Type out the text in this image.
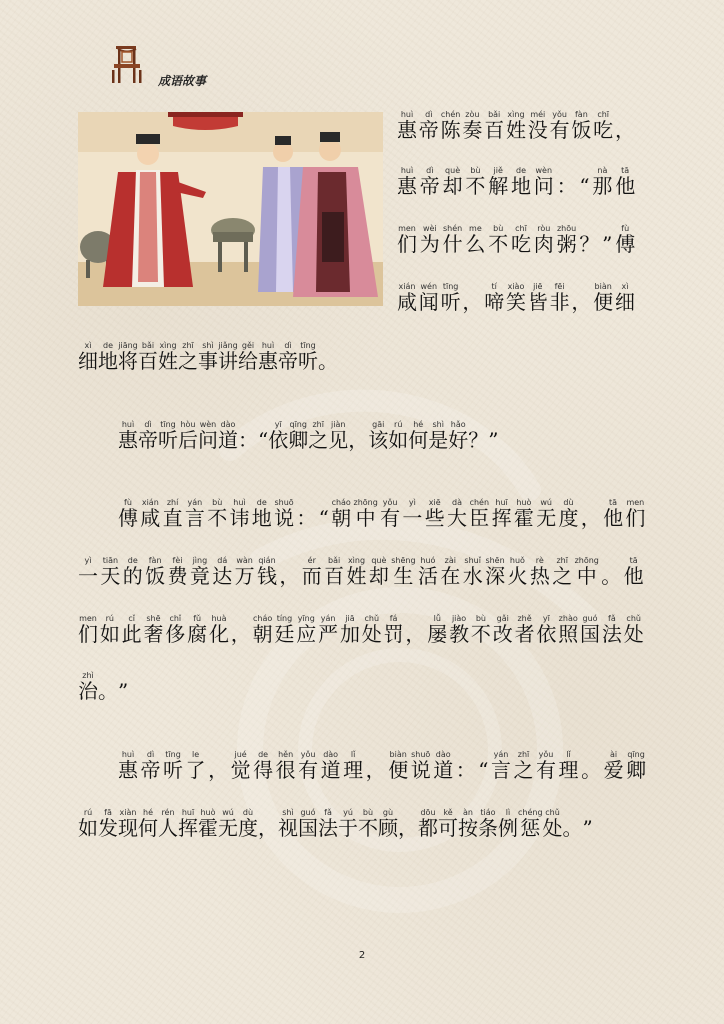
成语故事
惠huì
帝dì
陈chén
奏zòu
百bǎi
姓xìng
没méi
有yǒu
饭fàn
吃chī
，
惠huì
帝dì
却què
不bù
解jiě
地de
问wèn
： “ 那nà
他tā
们men
为wèi
什shén
么me
不bù
吃chī
肉ròu
粥zhōu
？ ” 傅fù
咸xián
闻wén
听tīng
， 啼tí
笑xiào
皆jiē
非fēi
， 便biàn
细xì
细xì
地de
将jiāng
百bǎi
姓xìng
之zhī
事shì
讲jiǎng
给gěi
惠huì
帝dì
听tīng
。
惠huì
帝dì
听tīng
后hòu
问wèn
道dào
： “ 依yī
卿qīng
之zhī
见jiàn
， 该gāi
如rú
何hé
是shì
好hǎo
？ ”
傅fù
咸xián
直zhí
言yán
不bù
讳huì
地de
说shuō
： “ 朝cháo
中zhōng
有yǒu
一yì
些xiē
大dà
臣chén
挥huī
霍huò
无wú
度dù
， 他tā
们men
一yì
天tiān
的de
饭fàn
费fèi
竟jìng
达dá
万wàn
钱qián
， 而ér
百bǎi
姓xìng
却què
生shēng
活huó
在zài
水shuǐ
深shēn
火huǒ
热rè
之zhī
中zhōng
。 他tā
们men
如rú
此cǐ
奢shē
侈chǐ
腐fǔ
化huà
， 朝cháo
廷tíng
应yīng
严yán
加jiā
处chǔ
罚fá
， 屡lǚ
教jiào
不bù
改gǎi
者zhě
依yī
照zhào
国guó
法fǎ
处chǔ
治zhì
。 ”
惠huì
帝dì
听tīng
了le
， 觉jué
得de
很hěn
有yǒu
道dào
理lǐ
， 便biàn
说shuō
道dào
： “ 言yán
之zhī
有yǒu
理lǐ
。 爱ài
卿qīng
如rú
发fā
现xiàn
何hé
人rén
挥huī
霍huò
无wú
度dù
， 视shì
国guó
法fǎ
于yú
不bù
顾gù
， 都dōu
可kě
按àn
条tiáo
例lì
惩chéng
处chǔ
。 ”
2
